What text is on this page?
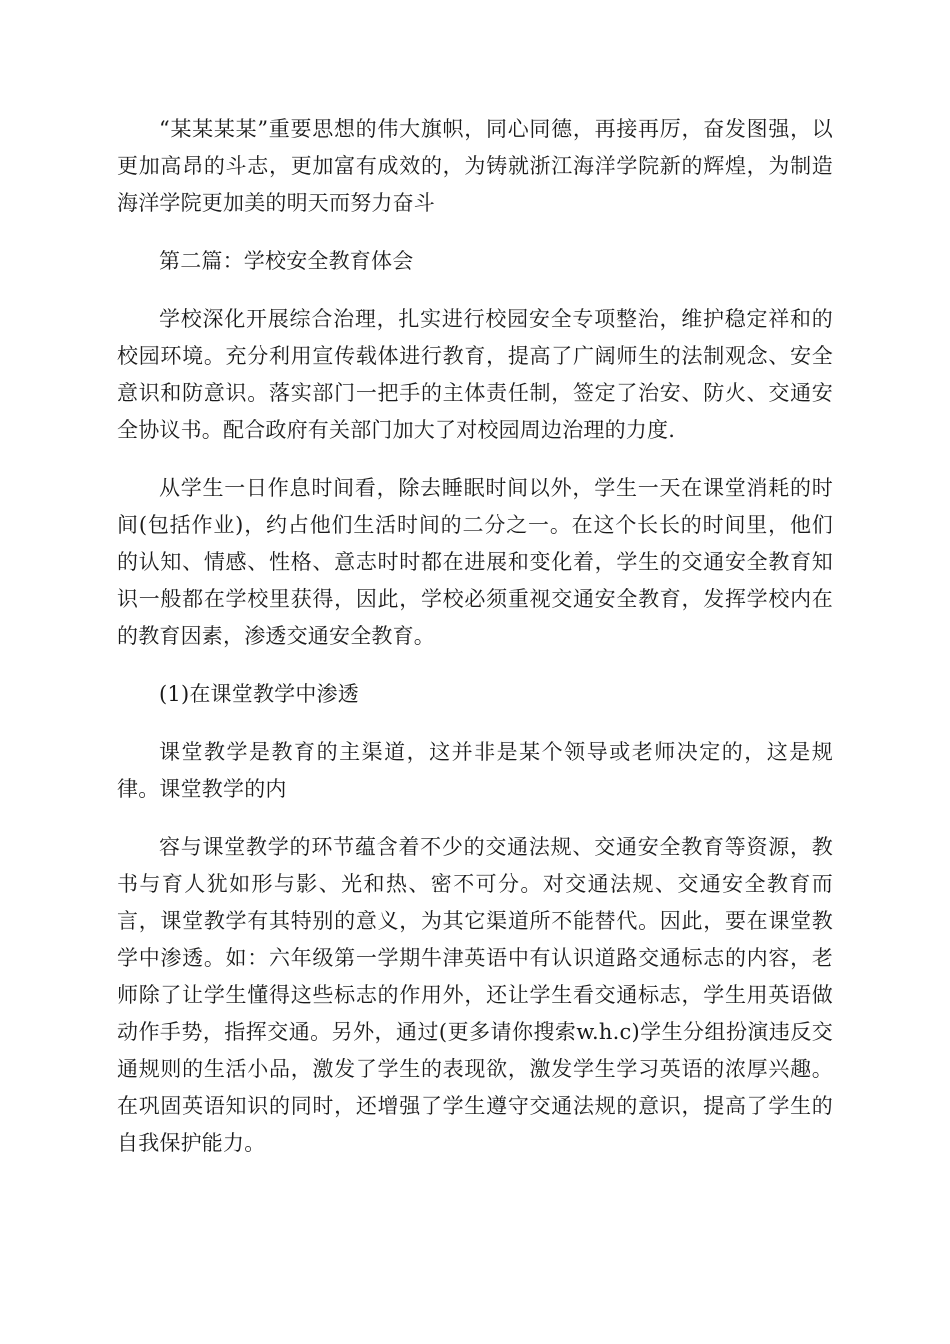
“某某某某”重要思想的伟大旗帜，同心同德，再接再厉，奋发图强，以更加高昂的斗志，更加富有成效的，为铸就浙江海洋学院新的辉煌，为制造海洋学院更加美的明天而努力奋斗

第二篇：学校安全教育体会

学校深化开展综合治理，扎实进行校园安全专项整治，维护稳定祥和的校园环境。充分利用宣传载体进行教育，提高了广阔师生的法制观念、安全意识和防意识。落实部门一把手的主体责任制，签定了治安、防火、交通安全协议书。配合政府有关部门加大了对校园周边治理的力度.

从学生一日作息时间看，除去睡眠时间以外，学生一天在课堂消耗的时间(包括作业)，约占他们生活时间的二分之一。在这个长长的时间里，他们的认知、情感、性格、意志时时都在进展和变化着，学生的交通安全教育知识一般都在学校里获得，因此，学校必须重视交通安全教育，发挥学校内在的教育因素，渗透交通安全教育。

(1)在课堂教学中渗透

课堂教学是教育的主渠道，这并非是某个领导或老师决定的，这是规律。课堂教学的内

容与课堂教学的环节蕴含着不少的交通法规、交通安全教育等资源，教书与育人犹如形与影、光和热、密不可分。对交通法规、交通安全教育而言，课堂教学有其特别的意义，为其它渠道所不能替代。因此，要在课堂教学中渗透。如：六年级第一学期牛津英语中有认识道路交通标志的内容，老师除了让学生懂得这些标志的作用外，还让学生看交通标志，学生用英语做动作手势，指挥交通。另外，通过(更多请你搜索w.h.c)学生分组扮演违反交通规则的生活小品，激发了学生的表现欲，激发学生学习英语的浓厚兴趣。在巩固英语知识的同时，还增强了学生遵守交通法规的意识，提高了学生的自我保护能力。
